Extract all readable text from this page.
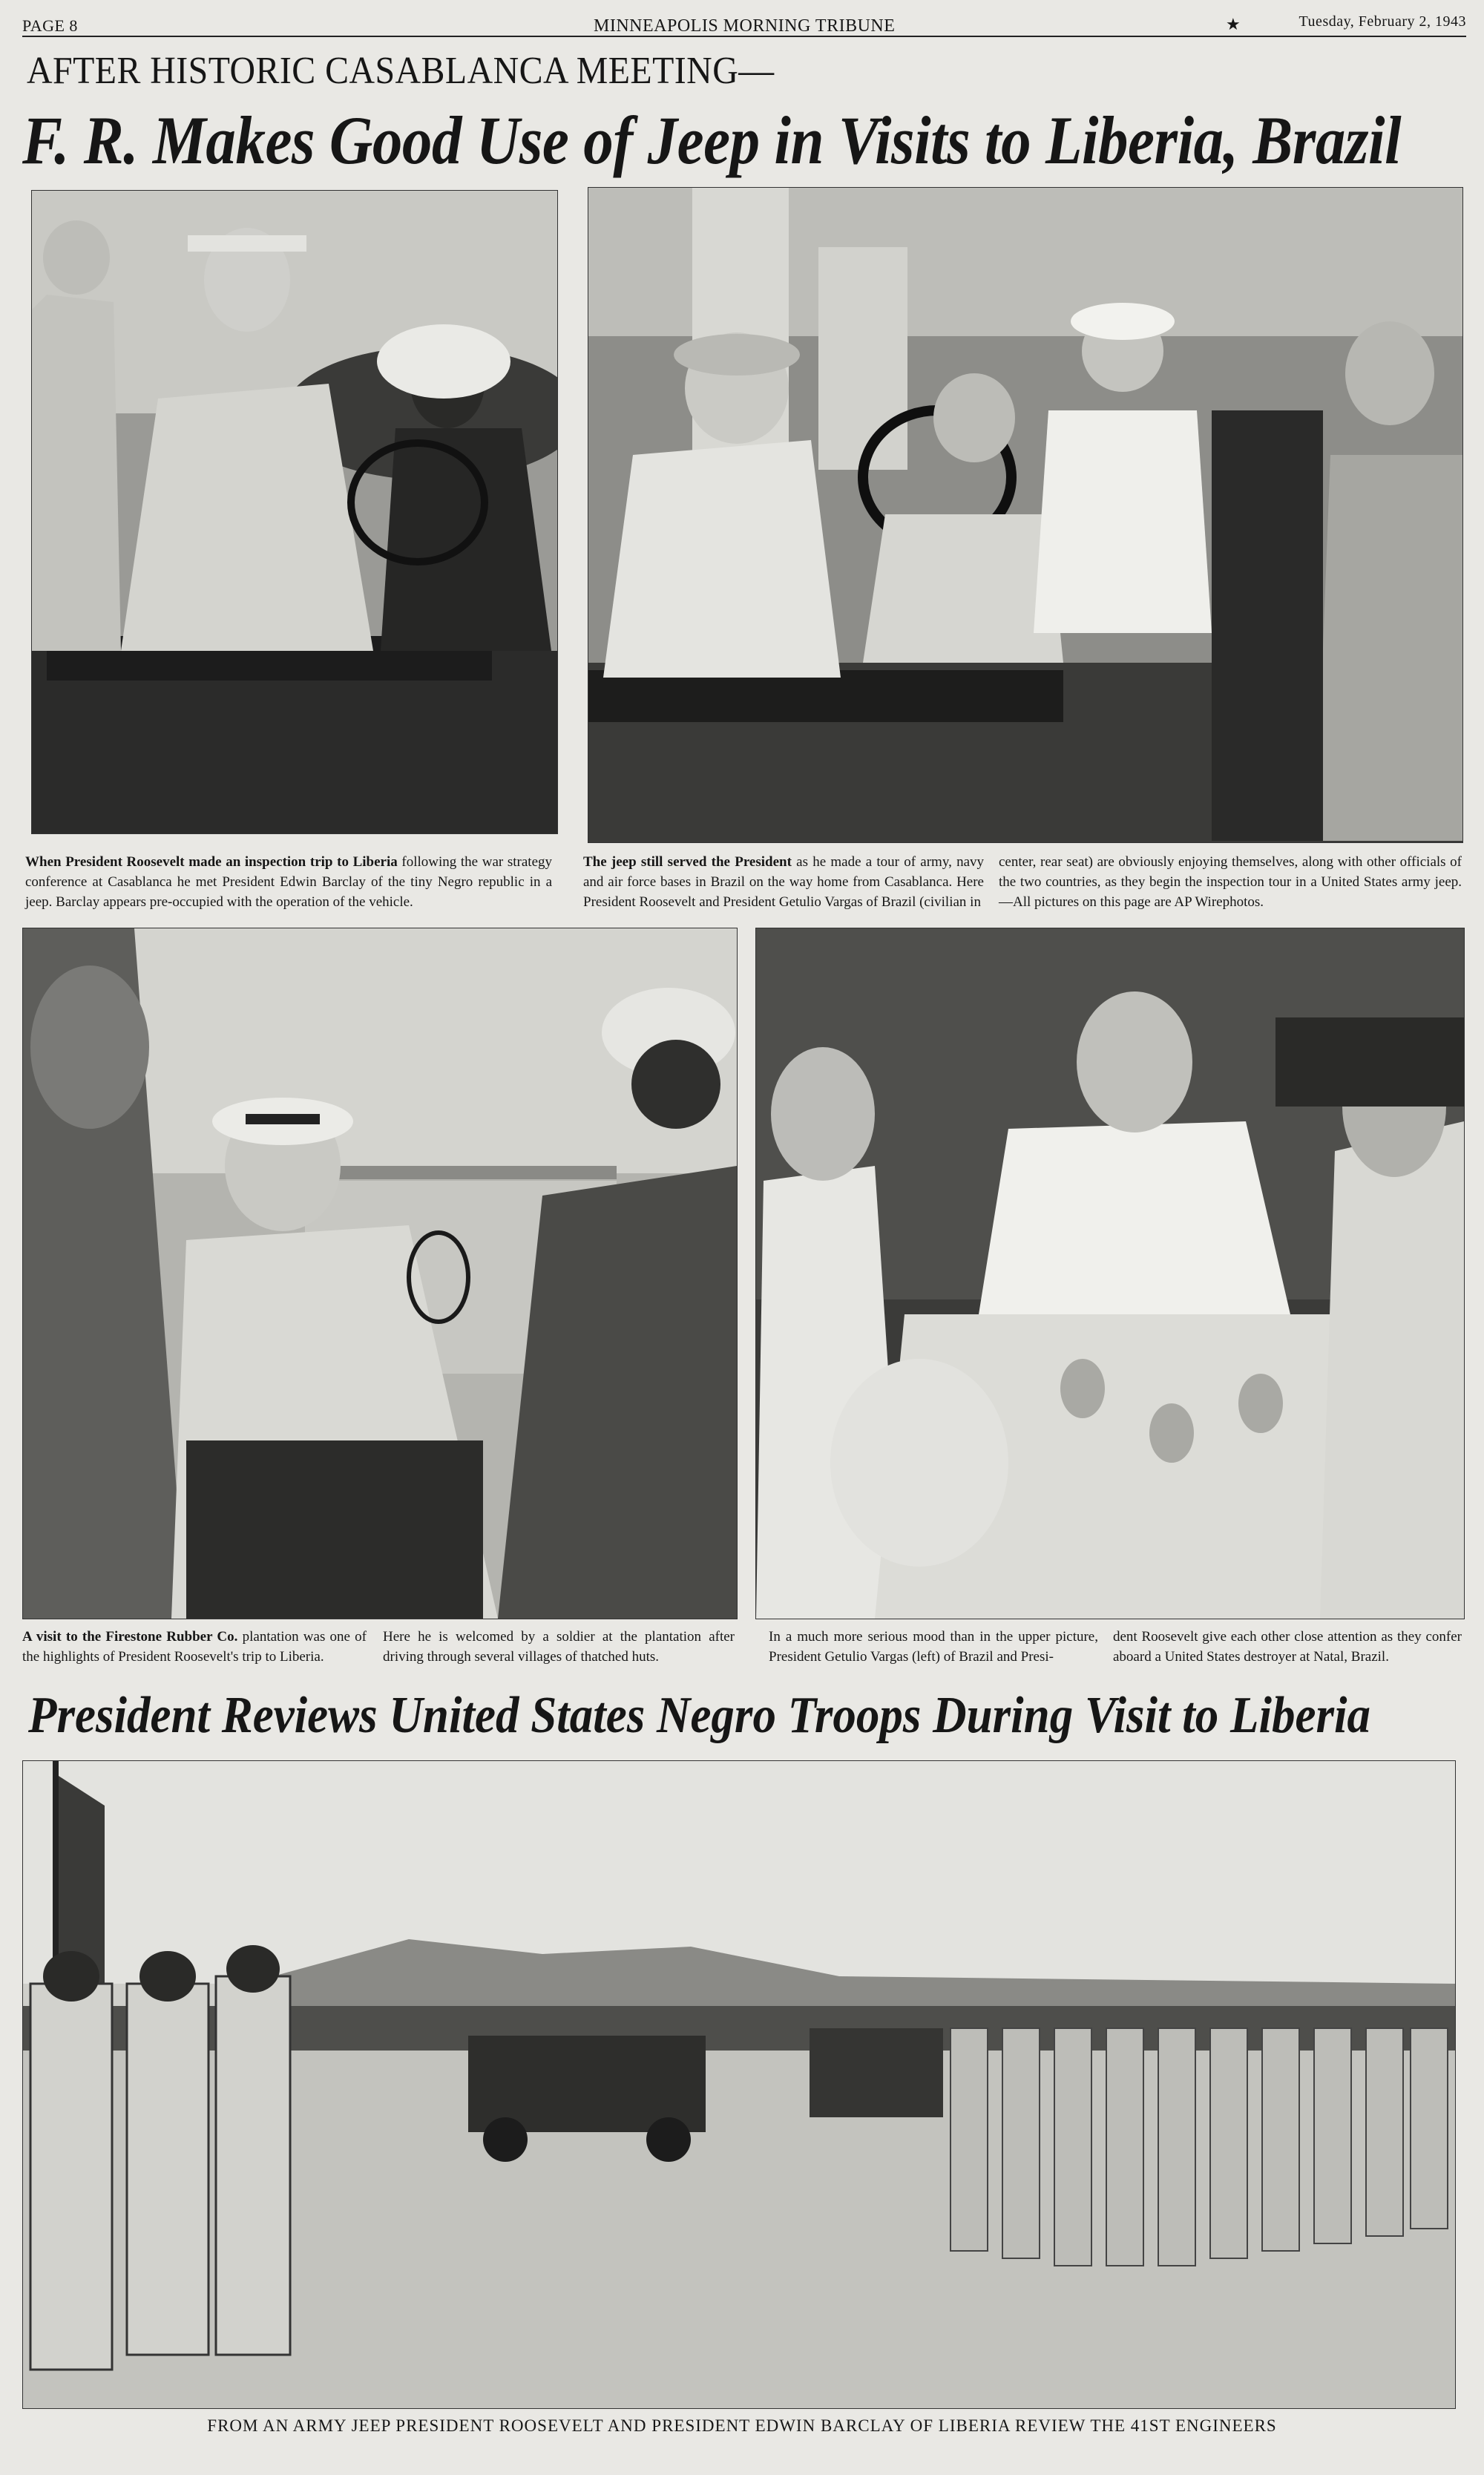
PAGE 8	MINNEAPOLIS MORNING TRIBUNE	★	Tuesday, February 2, 1943
AFTER HISTORIC CASABLANCA MEETING—
F. R. Makes Good Use of Jeep in Visits to Liberia, Brazil
When President Roosevelt made an inspection trip to Liberia following the war strategy conference at Casablanca he met President Edwin Barclay of the tiny Negro republic in a jeep. Barclay appears pre-occupied with the operation of the vehicle.
The jeep still served the President as he made a tour of army, navy and air force bases in Brazil on the way home from Casablanca. Here President Roosevelt and President Getulio Vargas of Brazil (civilian in
center, rear seat) are obviously enjoying themselves, along with other officials of the two countries, as they begin the inspection tour in a United States army jeep.—All pictures on this page are AP Wirephotos.
A visit to the Firestone Rubber Co. plantation was one of the highlights of President Roosevelt's trip to Liberia.
Here he is welcomed by a soldier at the plantation after driving through several villages of thatched huts.
In a much more serious mood than in the upper picture, President Getulio Vargas (left) of Brazil and Presi-
dent Roosevelt give each other close attention as they confer aboard a United States destroyer at Natal, Brazil.
President Reviews United States Negro Troops During Visit to Liberia
FROM AN ARMY JEEP PRESIDENT ROOSEVELT AND PRESIDENT EDWIN BARCLAY OF LIBERIA REVIEW THE 41ST ENGINEERS
